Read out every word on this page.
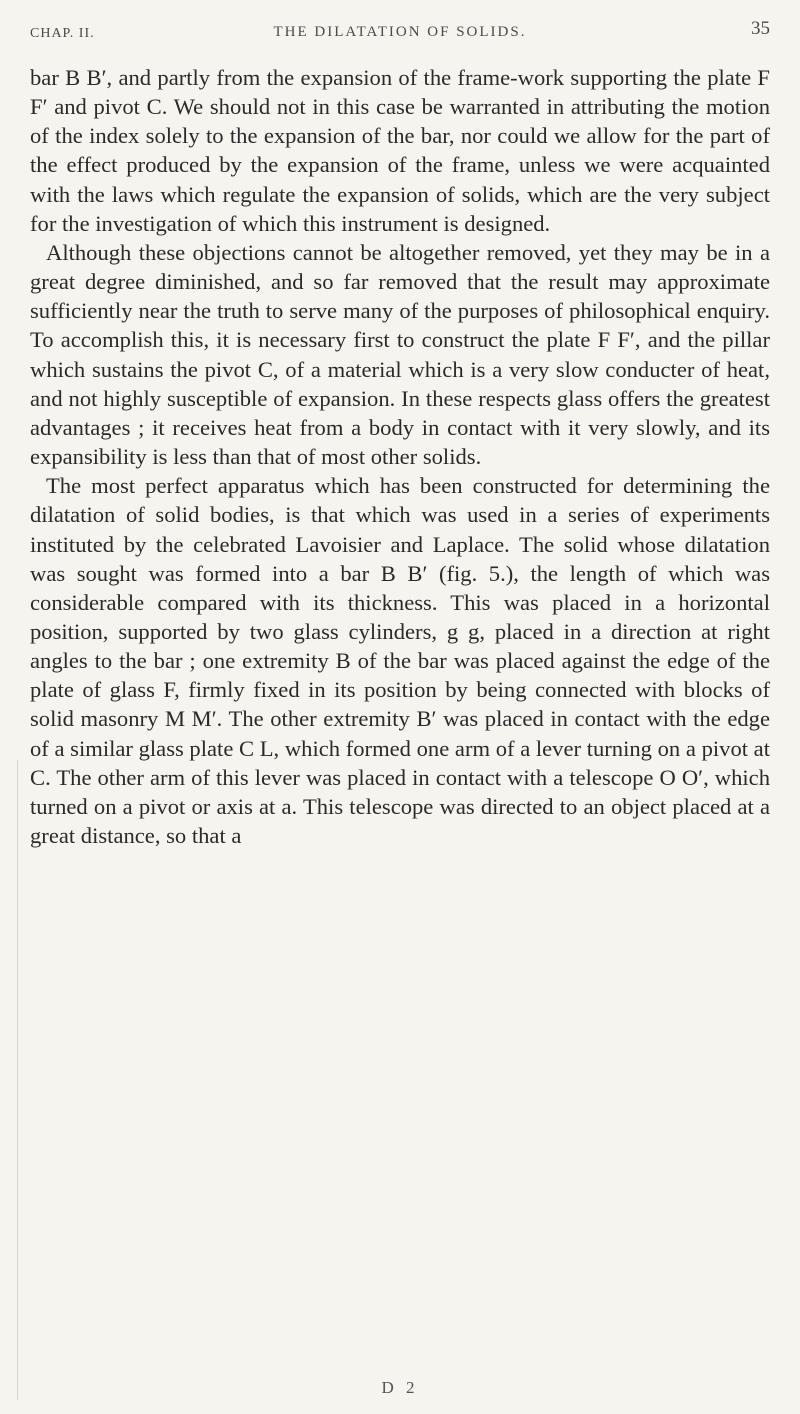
CHAP. II.	THE DILATATION OF SOLIDS.	35

bar B B′, and partly from the expansion of the frame-work supporting the plate F F′ and pivot C. We should not in this case be warranted in attributing the motion of the index solely to the expansion of the bar, nor could we allow for the part of the effect produced by the expansion of the frame, unless we were acquainted with the laws which regulate the expansion of solids, which are the very subject for the investigation of which this instrument is designed.

Although these objections cannot be altogether removed, yet they may be in a great degree diminished, and so far removed that the result may approximate sufficiently near the truth to serve many of the purposes of philosophical enquiry. To accomplish this, it is necessary first to construct the plate F F′, and the pillar which sustains the pivot C, of a material which is a very slow conducter of heat, and not highly susceptible of expansion. In these respects glass offers the greatest advantages ; it receives heat from a body in contact with it very slowly, and its expansibility is less than that of most other solids.

The most perfect apparatus which has been constructed for determining the dilatation of solid bodies, is that which was used in a series of experiments instituted by the celebrated Lavoisier and Laplace. The solid whose dilatation was sought was formed into a bar B B′ (fig. 5.), the length of which was considerable compared with its thickness. This was placed in a horizontal position, supported by two glass cylinders, g g, placed in a direction at right angles to the bar ; one extremity B of the bar was placed against the edge of the plate of glass F, firmly fixed in its position by being connected with blocks of solid masonry M M′. The other extremity B′ was placed in contact with the edge of a similar glass plate C L, which formed one arm of a lever turning on a pivot at C. The other arm of this lever was placed in contact with a telescope O O′, which turned on a pivot or axis at a. This telescope was directed to an object placed at a great distance, so that a

D 2
